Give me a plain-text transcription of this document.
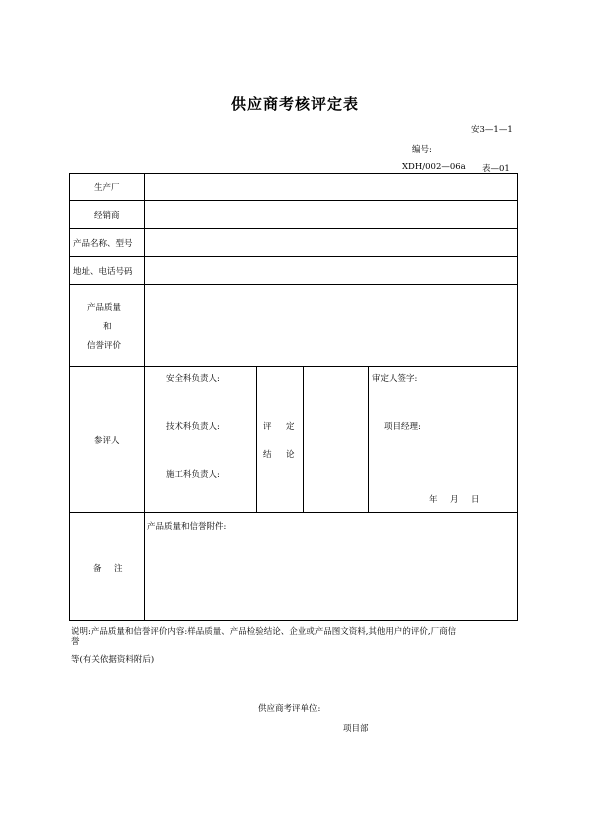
供应商考核评定表
安3—1—1
编号:
XDH/002—06a 表—01
生产厂
经销商
产品名称、型号
地址、电话号码
产品质量
和
信誉评价
参评人
备 注
安全科负责人:
技术科负责人:
施工科负责人:
评 定
结 论
审定人签字:
项目经理:
年 月 日
产品质量和信誉附件:
说明:产品质量和信誉评价内容:样品质量、产品检验结论、企业或产品图文资料,其他用户的评价,厂商信
誉
等(有关依据资料附后)
供应商考评单位:
项目部
